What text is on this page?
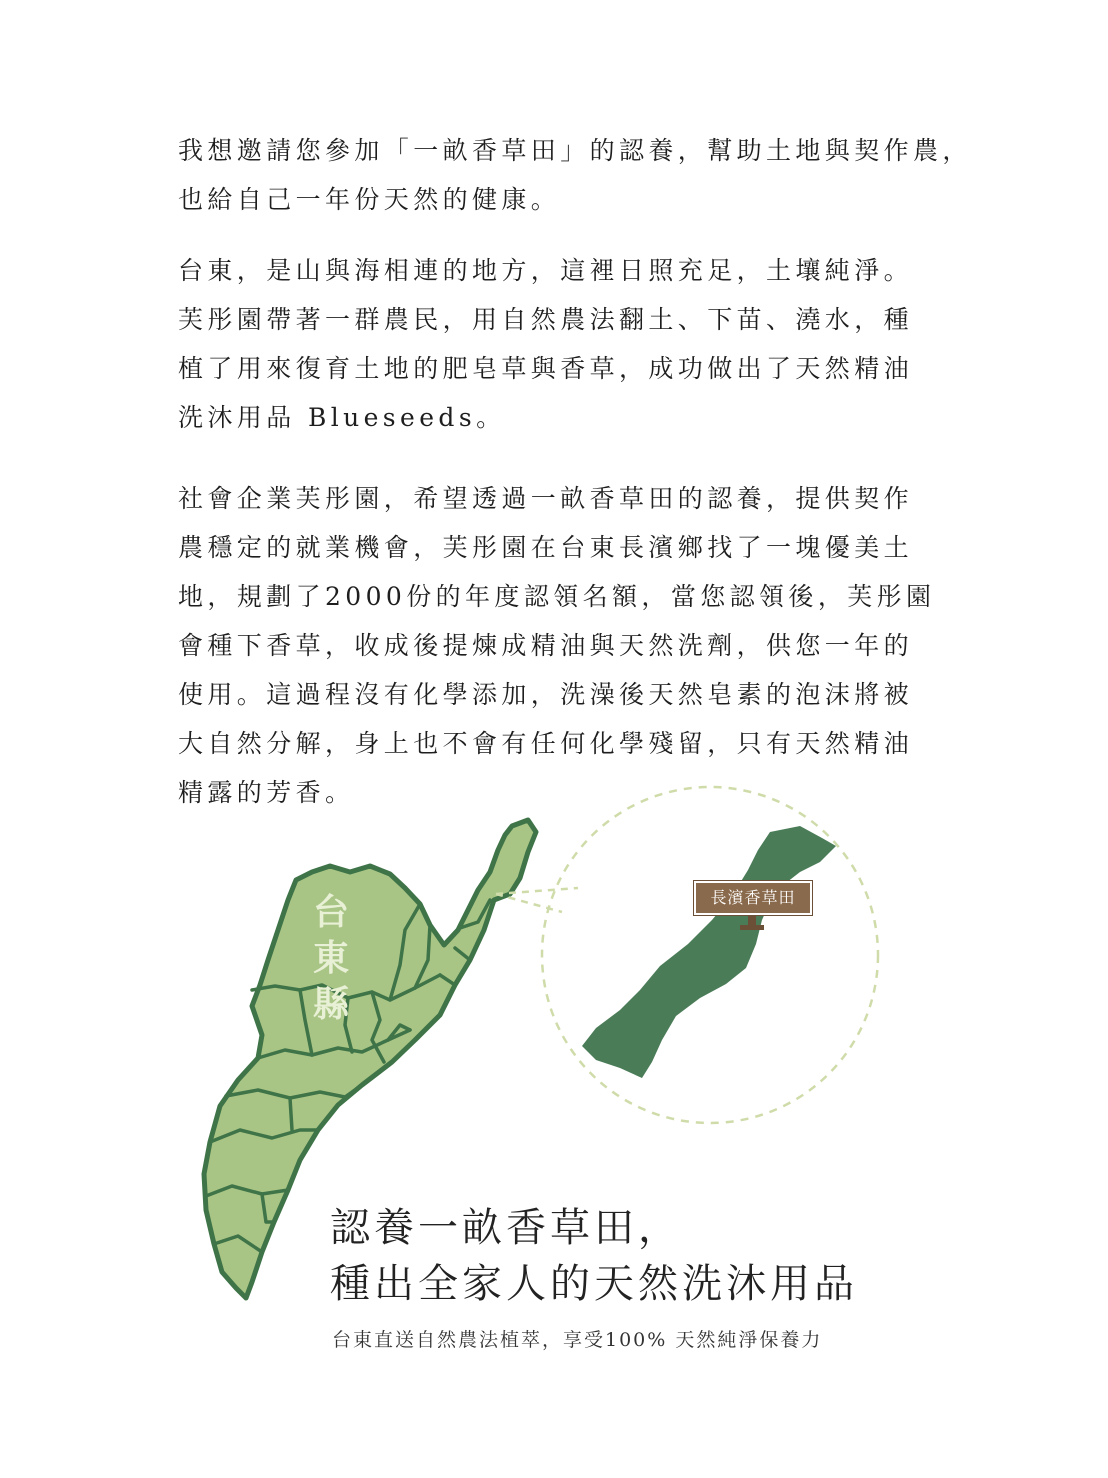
我想邀請您參加「一畝香草田」的認養，幫助土地與契作農，

也給自己一年份天然的健康。

台東，是山與海相連的地方，這裡日照充足，土壤純淨。

芙彤園帶著一群農民，用自然農法翻土、下苗、澆水，種

植了用來復育土地的肥皂草與香草，成功做出了天然精油

洗沐用品 Blueseeds。

社會企業芙彤園，希望透過一畝香草田的認養，提供契作

農穩定的就業機會，芙彤園在台東長濱鄉找了一塊優美土

地，規劃了2000份的年度認領名額，當您認領後，芙彤園

會種下香草，收成後提煉成精油與天然洗劑，供您一年的

使用。這過程沒有化學添加，洗澡後天然皂素的泡沫將被

大自然分解，身上也不會有任何化學殘留，只有天然精油

精露的芳香。

台
東
縣
長濱香草田
認養一畝香草田，
種出全家人的天然洗沐用品
台東直送自然農法植萃，享受100% 天然純淨保養力
